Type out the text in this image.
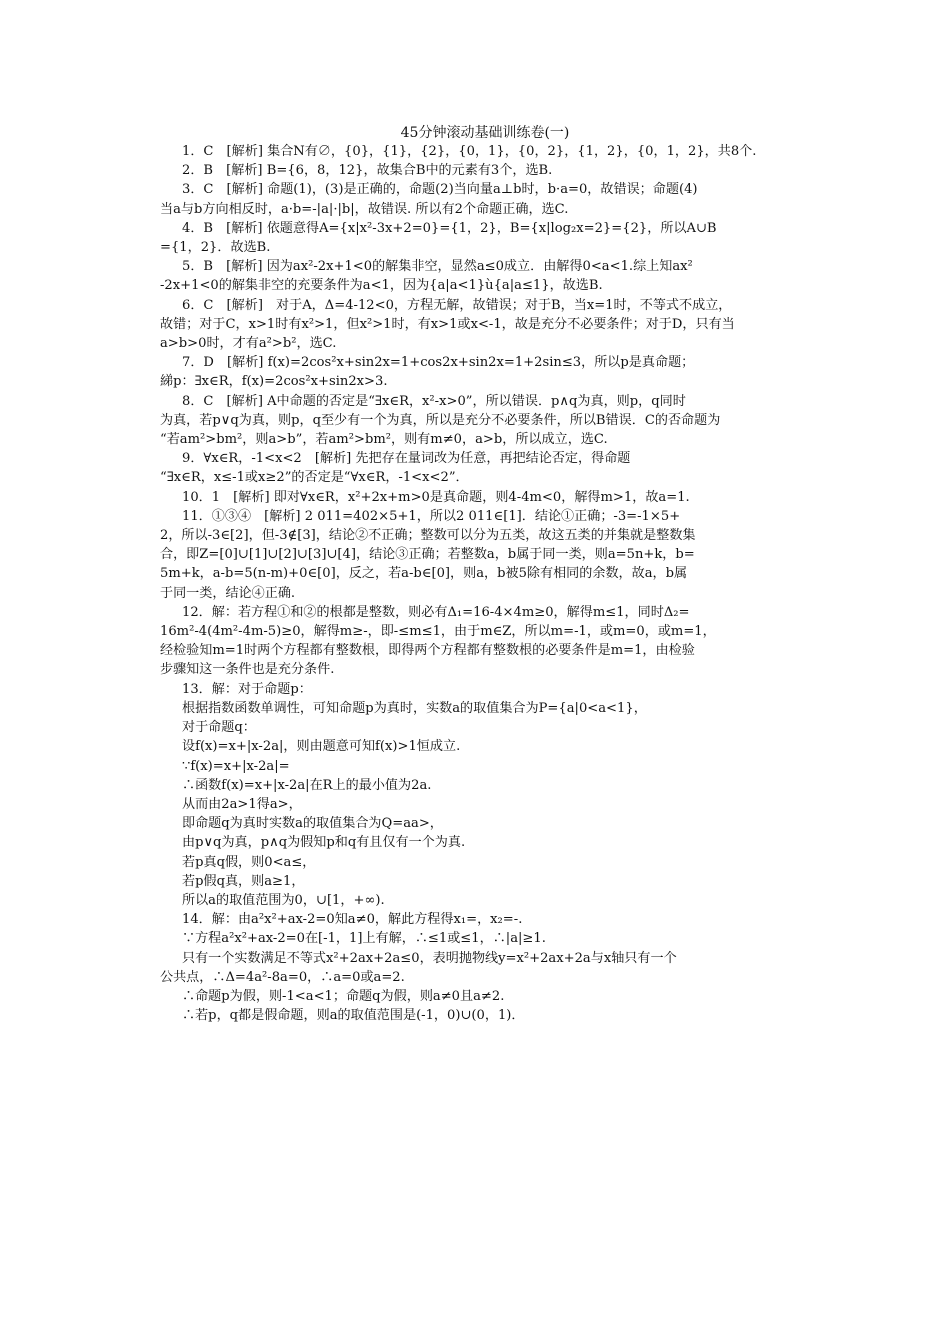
45分钟滚动基础训练卷(一)

1．C　[解析] 集合N有∅，{0}，{1}，{2}，{0，1}，{0，2}，{1，2}，{0，1，2}，共8个.

2．B　[解析] B={6，8，12}，故集合B中的元素有3个，选B.

3．C　[解析] 命题(1)，(3)是正确的，命题(2)当向量a⊥b时，b·a=0，故错误；命题(4)

当a与b方向相反时，a·b=-|a|·|b|，故错误. 所以有2个命题正确，选C.

4．B　[解析] 依题意得A={x|x²-3x+2=0}={1，2}，B={x|log₂x=2}={2}，所以A∪B

={1，2}．故选B.

5．B　[解析] 因为ax²-2x+1<0的解集非空，显然a≤0成立．由解得0<a<1.综上知ax²

-2x+1<0的解集非空的充要条件为a<1，因为{a|a<1}ù{a|a≤1}，故选B.

6．C　[解析]　对于A，Δ=4-12<0，方程无解，故错误；对于B，当x=1时，不等式不成立，

故错；对于C，x>1时有x²>1，但x²>1时，有x>1或x<-1，故是充分不必要条件；对于D，只有当

a>b>0时，才有a²>b²，选C.

7．D　[解析] f(x)=2cos²x+sin2x=1+cos2x+sin2x=1+2sin≤3，所以p是真命题；

綈p：∃x∈R，f(x)=2cos²x+sin2x>3.

8．C　[解析] A中命题的否定是“∃x∈R，x²-x>0”，所以错误．p∧q为真，则p，q同时

为真，若p∨q为真，则p，q至少有一个为真，所以是充分不必要条件，所以B错误．C的否命题为

“若am²>bm²，则a>b”，若am²>bm²，则有m≠0，a>b，所以成立，选C.

9．∀x∈R，-1<x<2　[解析] 先把存在量词改为任意，再把结论否定，得命题

“∃x∈R，x≤-1或x≥2”的否定是“∀x∈R，-1<x<2”．

10．1　[解析] 即对∀x∈R，x²+2x+m>0是真命题，则4-4m<0，解得m>1，故a=1.

11．①③④　[解析] 2 011=402×5+1，所以2 011∈[1]．结论①正确；-3=-1×5+

2，所以-3∈[2]，但-3∉[3]，结论②不正确；整数可以分为五类，故这五类的并集就是整数集

合，即Z=[0]∪[1]∪[2]∪[3]∪[4]，结论③正确；若整数a，b属于同一类，则a=5n+k，b=

5m+k，a-b=5(n-m)+0∈[0]，反之，若a-b∈[0]，则a，b被5除有相同的余数，故a，b属

于同一类，结论④正确.

12．解：若方程①和②的根都是整数，则必有Δ₁=16-4×4m≥0，解得m≤1，同时Δ₂=

16m²-4(4m²-4m-5)≥0，解得m≥-，即-≤m≤1，由于m∈Z，所以m=-1，或m=0，或m=1，

经检验知m=1时两个方程都有整数根，即得两个方程都有整数根的必要条件是m=1，由检验

步骤知这一条件也是充分条件.

13．解：对于命题p：

根据指数函数单调性，可知命题p为真时，实数a的取值集合为P={a|0<a<1}，

对于命题q：

设f(x)=x+|x-2a|，则由题意可知f(x)>1恒成立.

∵f(x)=x+|x-2a|=

∴函数f(x)=x+|x-2a|在R上的最小值为2a.

从而由2a>1得a>，

即命题q为真时实数a的取值集合为Q=aa>，

由p∨q为真，p∧q为假知p和q有且仅有一个为真.

若p真q假，则0<a≤，

若p假q真，则a≥1，

所以a的取值范围为0，∪[1，+∞).

14．解：由a²x²+ax-2=0知a≠0，解此方程得x₁=，x₂=-.

∵方程a²x²+ax-2=0在[-1，1]上有解，∴≤1或≤1，∴|a|≥1.

只有一个实数满足不等式x²+2ax+2a≤0，表明抛物线y=x²+2ax+2a与x轴只有一个

公共点，∴Δ=4a²-8a=0，∴a=0或a=2.

∴命题p为假，则-1<a<1；命题q为假，则a≠0且a≠2.

∴若p，q都是假命题，则a的取值范围是(-1，0)∪(0，1)．
